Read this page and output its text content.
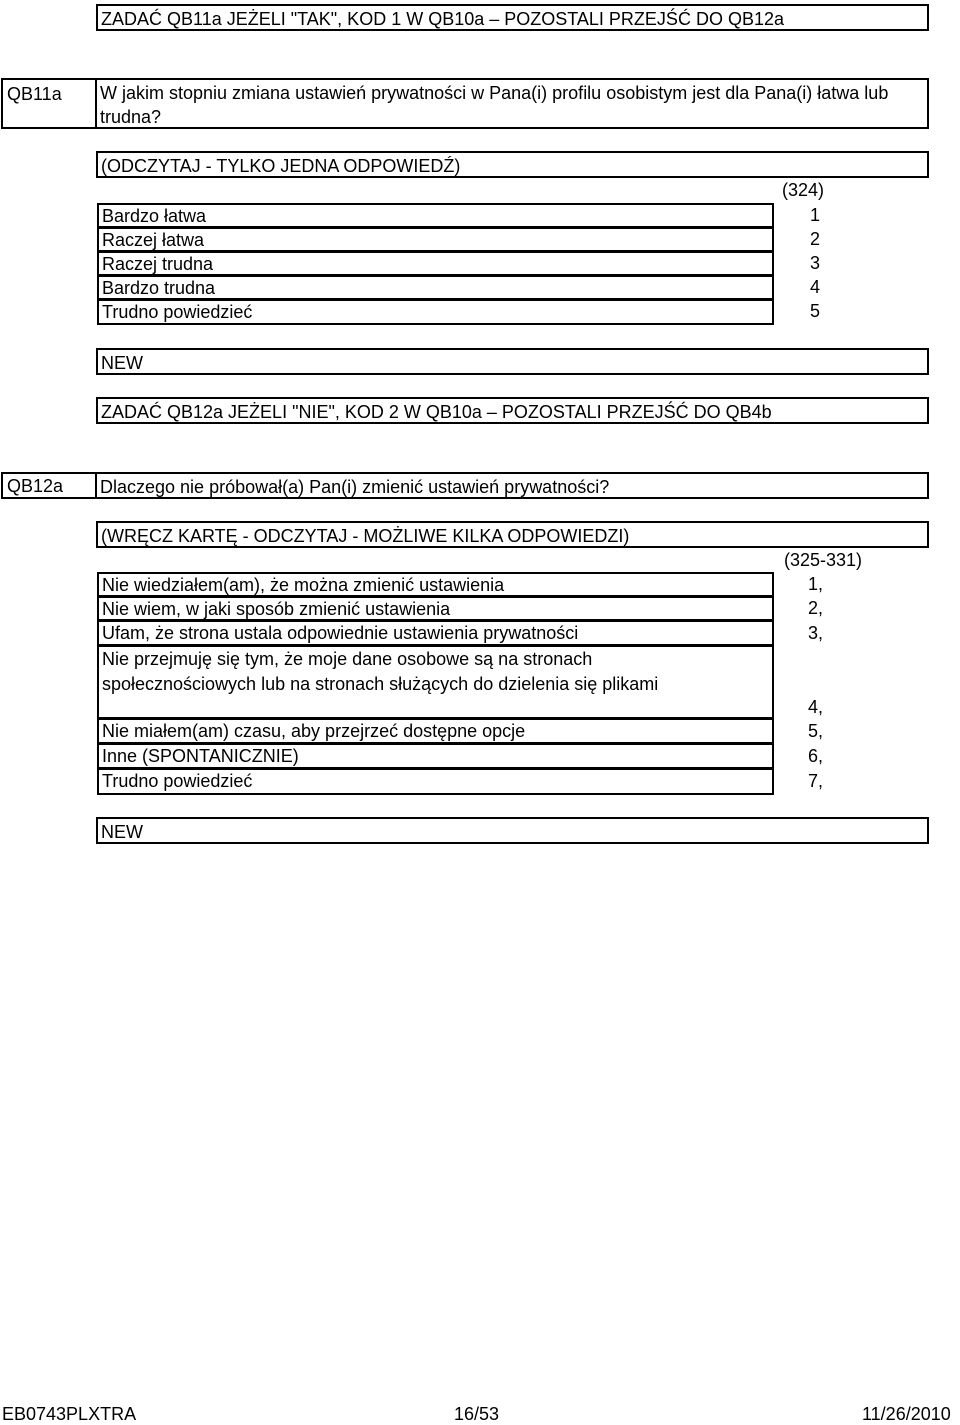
ZADAĆ QB11a JEŻELI "TAK", KOD 1 W QB10a – POZOSTALI PRZEJŚĆ DO QB12a
QB11a W jakim stopniu zmiana ustawień prywatności w Pana(i) profilu osobistym jest dla Pana(i) łatwa lub trudna?
(ODCZYTAJ - TYLKO JEDNA ODPOWIEDŹ)
(324)
Bardzo łatwa
Raczej łatwa
Raczej trudna
Bardzo trudna
Trudno powiedzieć
1
2
3
4
5
NEW
ZADAĆ QB12a JEŻELI "NIE", KOD 2 W QB10a – POZOSTALI PRZEJŚĆ DO QB4b
QB12a Dlaczego nie próbował(a) Pan(i) zmienić ustawień prywatności?
(WRĘCZ KARTĘ - ODCZYTAJ - MOŻLIWE KILKA ODPOWIEDZI)
(325-331)
Nie wiedziałem(am), że można zmienić ustawienia
Nie wiem, w jaki sposób zmienić ustawienia
Ufam, że strona ustala odpowiednie ustawienia prywatności
Nie przejmuję się tym, że moje dane osobowe są na stronach
społecznościowych lub na stronach służących do dzielenia się plikami
Nie miałem(am) czasu, aby przejrzeć dostępne opcje
Inne (SPONTANICZNIE)
Trudno powiedzieć
1,
2,
3,
4,
5,
6,
7,
NEW
EB0743PLXTRA	16/53	11/26/2010
